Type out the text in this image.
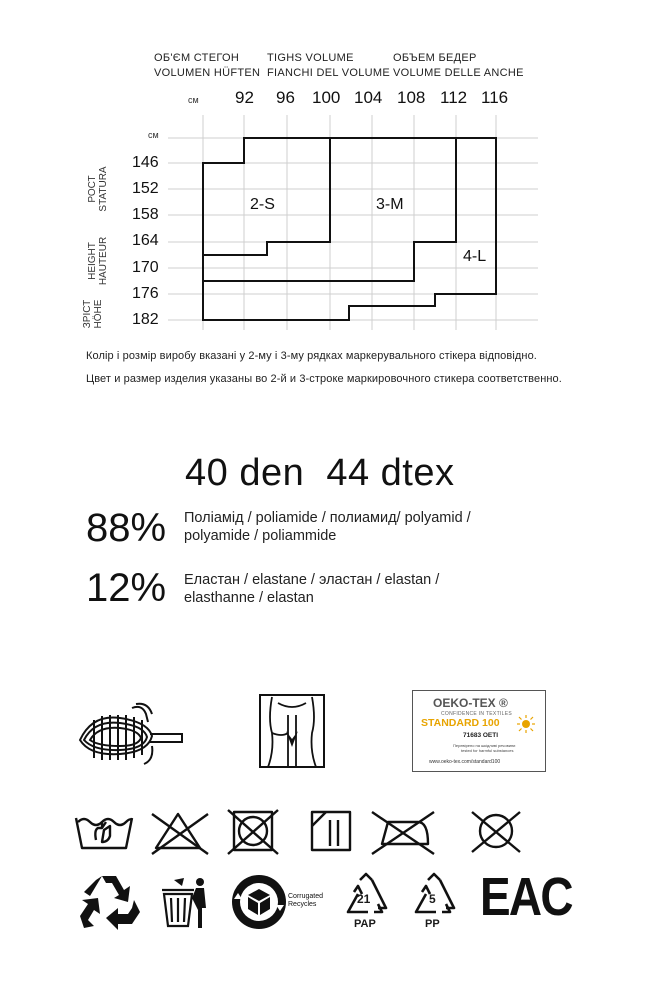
ОБ'ЄМ СТЕГОН	TIGHS VOLUME	ОБЪЕМ БЕДЕР
VOLUMEN HÜFTEN FIANCHI DEL VOLUME VOLUME DELLE ANCHE
см 92 96 100 104 108 112 116
см
146
152
158
164
170
176
182
РОСТ STATURA
HEIGHT HAUTEUR
ЗРІСТ HÖHE
2-S	3-M
4-L
Колір і розмір виробу вказані у 2-му і 3-му рядках маркерувального стікера відповідно.
Цвет и размер изделия указаны во 2-й и 3-строке маркировочного стикера соответственно.
40 den  44 dtex
88% Поліамід / poliamide / полиамид/ polyamid /
polyamide / poliammide
12% Еластан / elastane / эластан / elastan /
elasthanne / elastan
OEKO-TEX ®
CONFIDENCE IN TEXTILES
STANDARD 100
71683 OETI
Перевірено на шкідливі речовини
tested for harmful substances
www.oeko-tex.com/standard100
Corrugated Recycles	21
PAP
5
PP EAC
